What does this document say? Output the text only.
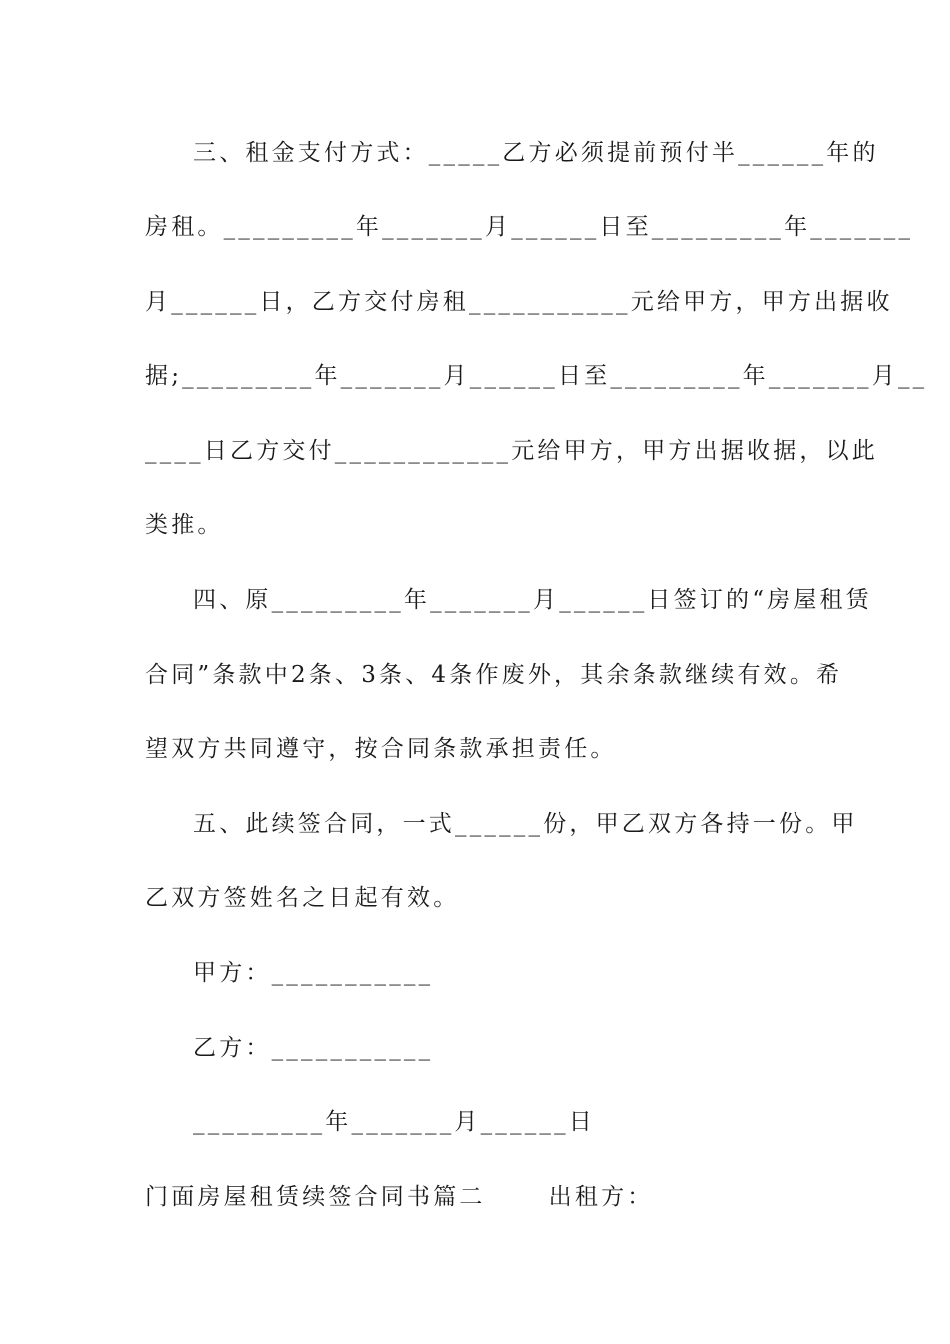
三、租金支付方式：_____乙方必须提前预付半______年的
房租。_________年_______月______日至_________年_______
月______日，乙方交付房租___________元给甲方，甲方出据收
据;_________年_______月______日至_________年_______月__
____日乙方交付____________元给甲方，甲方出据收据，以此
类推。
四、原_________年_______月______日签订的“房屋租赁
合同”条款中2条、3条、4条作废外，其余条款继续有效。希
望双方共同遵守，按合同条款承担责任。
五、此续签合同，一式______份，甲乙双方各持一份。甲
乙双方签姓名之日起有效。
甲方：___________
乙方：___________
_________年_______月______日
门面房屋租赁续签合同书篇二      出租方：
